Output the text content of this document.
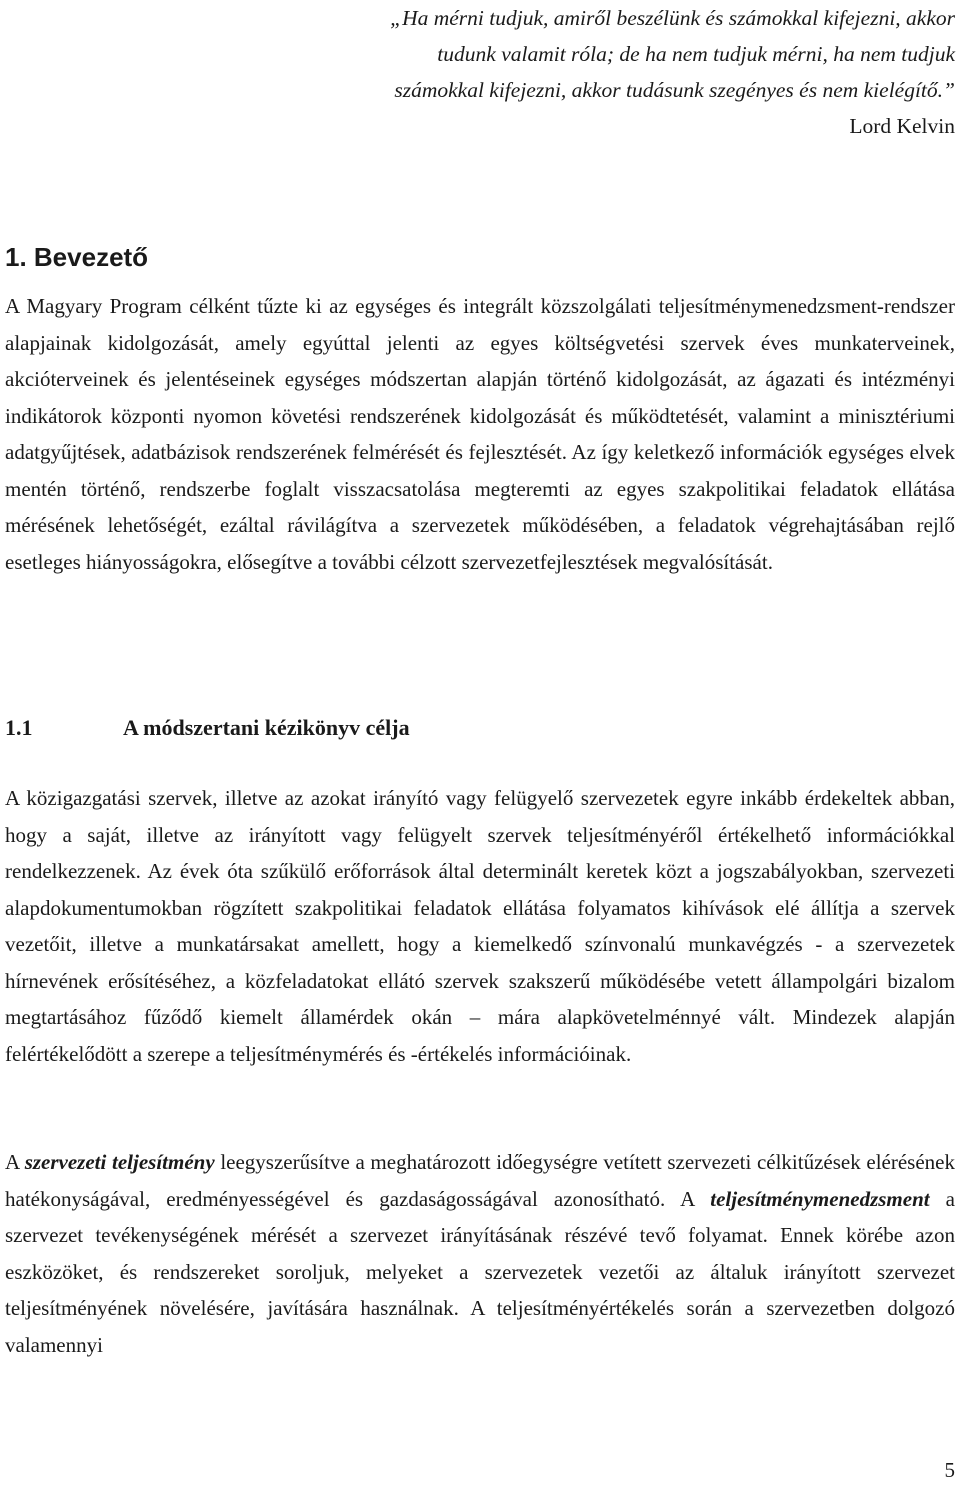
„Ha mérni tudjuk, amiről beszélünk és számokkal kifejezni, akkor tudunk valamit róla; de ha nem tudjuk mérni, ha nem tudjuk számokkal kifejezni, akkor tudásunk szegényes és nem kielégítő.”
Lord Kelvin
1. Bevezető

A Magyary Program célként tűzte ki az egységes és integrált közszolgálati teljesítménymenedzsment-rendszer alapjainak kidolgozását, amely egyúttal jelenti az egyes költségvetési szervek éves munkaterveinek, akcióterveinek és jelentéseinek egységes módszertan alapján történő kidolgozását, az ágazati és intézményi indikátorok központi nyomon követési rendszerének kidolgozását és működtetését, valamint a minisztériumi adatgyűjtések, adatbázisok rendszerének felmérését és fejlesztését. Az így keletkező információk egységes elvek mentén történő, rendszerbe foglalt visszacsatolása megteremti az egyes szakpolitikai feladatok ellátása mérésének lehetőségét, ezáltal rávilágítva a szervezetek működésében, a feladatok végrehajtásában rejlő esetleges hiányosságokra, elősegítve a további célzott szervezetfejlesztések megvalósítását.

1.1	A módszertani kézikönyv célja

A közigazgatási szervek, illetve az azokat irányító vagy felügyelő szervezetek egyre inkább érdekeltek abban, hogy a saját, illetve az irányított vagy felügyelt szervek teljesítményéről értékelhető információkkal rendelkezzenek. Az évek óta szűkülő erőforrások által determinált keretek közt a jogszabályokban, szervezeti alapdokumentumokban rögzített szakpolitikai feladatok ellátása folyamatos kihívások elé állítja a szervek vezetőit, illetve a munkatársakat amellett, hogy a kiemelkedő színvonalú munkavégzés - a szervezetek hírnevének erősítéséhez, a közfeladatokat ellátó szervek szakszerű működésébe vetett állampolgári bizalom megtartásához fűződő kiemelt államérdek okán – mára alapkövetelménnyé vált. Mindezek alapján felértékelődött a szerepe a teljesítménymérés és -értékelés információinak.

A szervezeti teljesítmény leegyszerűsítve a meghatározott időegységre vetített szervezeti célkitűzések elérésének hatékonyságával, eredményességével és gazdaságosságával azonosítható. A teljesítménymenedzsment a szervezet tevékenységének mérését a szervezet irányításának részévé tevő folyamat. Ennek körébe azon eszközöket, és rendszereket soroljuk, melyeket a szervezetek vezetői az általuk irányított szervezet teljesítményének növelésére, javítására használnak. A teljesítményértékelés során a szervezetben dolgozó valamennyi

5
